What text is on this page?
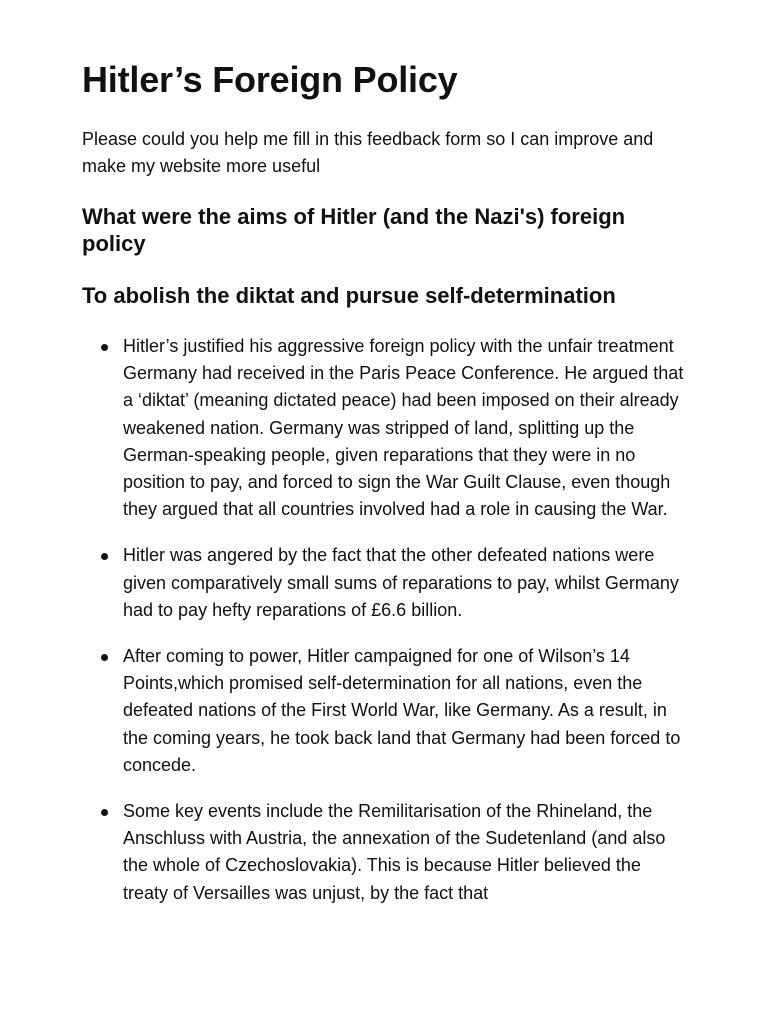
Hitler’s Foreign Policy

Please could you help me fill in this feedback form so I can improve and make my website more useful

What were the aims of Hitler (and the Nazi's) foreign policy
To abolish the diktat and pursue self-determination
Hitler’s justified his aggressive foreign policy with the unfair treatment Germany had received in the Paris Peace Conference. He argued that a ‘diktat’ (meaning dictated peace) had been imposed on their already weakened nation. Germany was stripped of land, splitting up the German-speaking people, given reparations that they were in no position to pay, and forced to sign the War Guilt Clause, even though they argued that all countries involved had a role in causing the War.
Hitler was angered by the fact that the other defeated nations were given comparatively small sums of reparations to pay, whilst Germany had to pay hefty reparations of £6.6 billion.
After coming to power, Hitler campaigned for one of Wilson’s 14 Points,which promised self-determination for all nations, even the defeated nations of the First World War, like Germany. As a result, in the coming years, he took back land that Germany had been forced to concede.
Some key events include the Remilitarisation of the Rhineland, the Anschluss with Austria, the annexation of the Sudetenland (and also the whole of Czechoslovakia). This is because Hitler believed the treaty of Versailles was unjust, by the fact that
